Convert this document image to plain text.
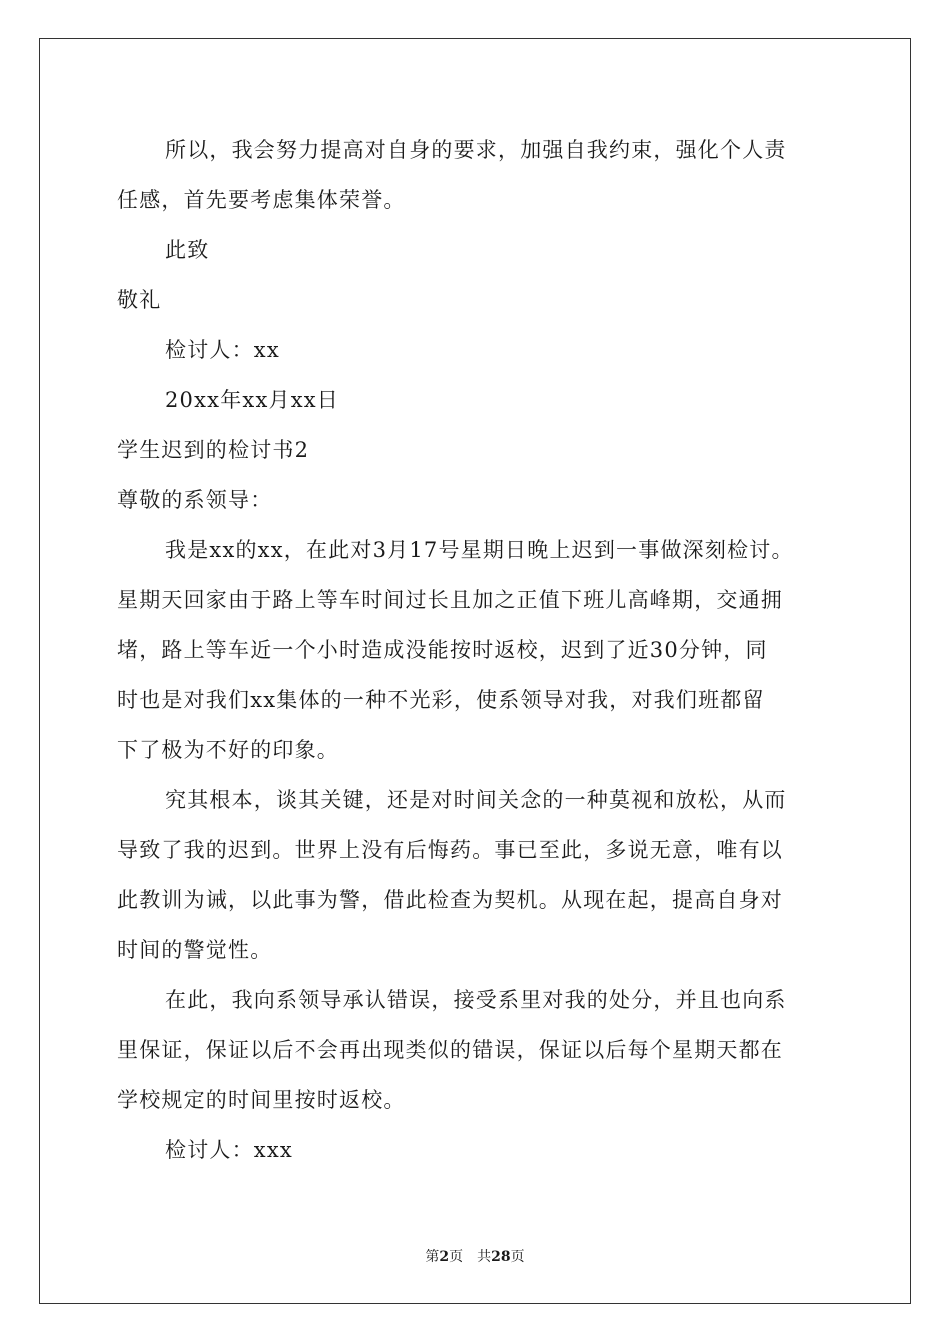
所以，我会努力提高对自身的要求，加强自我约束，强化个人责
任感，首先要考虑集体荣誉。
此致
敬礼
检讨人：xx
20xx年xx月xx日
学生迟到的检讨书2
尊敬的系领导：
我是xx的xx，在此对3月17号星期日晚上迟到一事做深刻检讨。
星期天回家由于路上等车时间过长且加之正值下班儿高峰期，交通拥
堵，路上等车近一个小时造成没能按时返校，迟到了近30分钟，同
时也是对我们xx集体的一种不光彩，使系领导对我，对我们班都留
下了极为不好的印象。
究其根本，谈其关键，还是对时间关念的一种莫视和放松，从而
导致了我的迟到。世界上没有后悔药。事已至此，多说无意，唯有以
此教训为诫，以此事为警，借此检查为契机。从现在起，提高自身对
时间的警觉性。
在此，我向系领导承认错误，接受系里对我的处分，并且也向系
里保证，保证以后不会再出现类似的错误，保证以后每个星期天都在
学校规定的时间里按时返校。
检讨人：xxx
第2页　共28页
